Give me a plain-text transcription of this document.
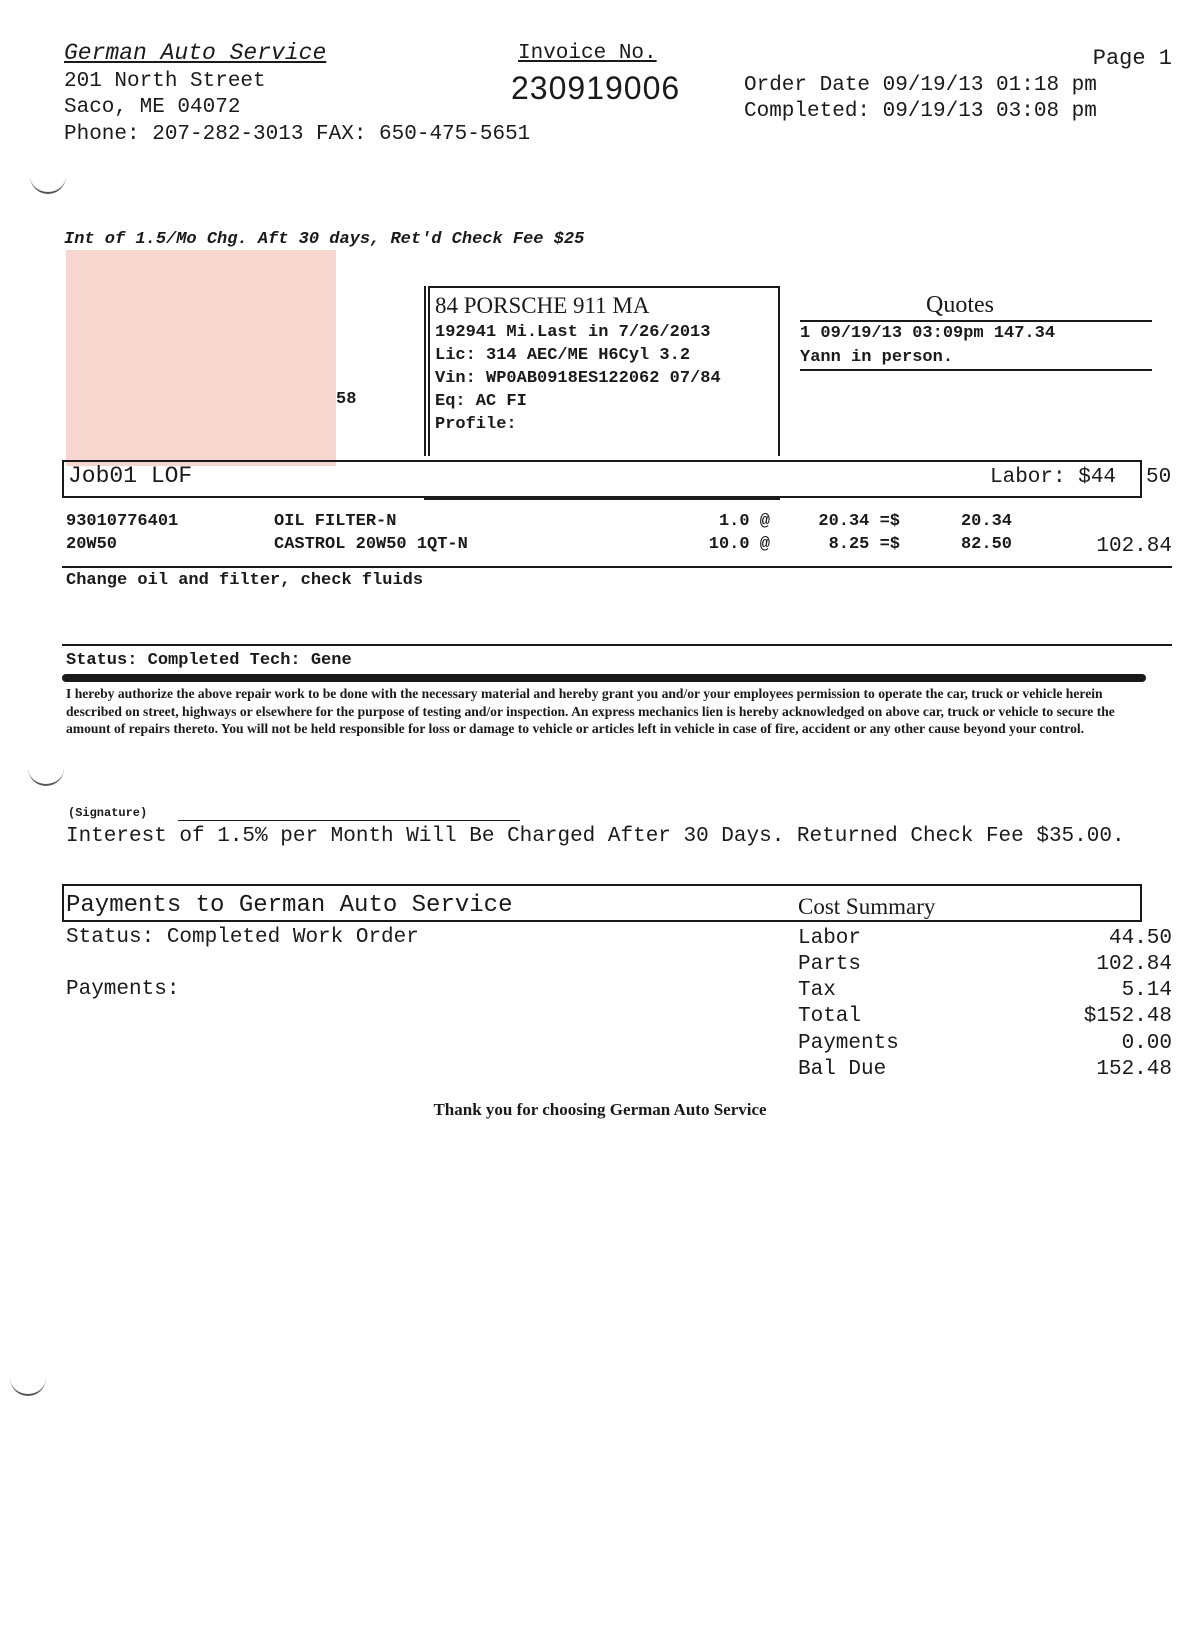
German Auto Service
201 North Street
Saco, ME 04072
Phone: 207-282-3013 FAX: 650-475-5651
Invoice No.
230919006
Page 1
Order Date 09/19/13 01:18 pm
Completed: 09/19/13 03:08 pm
Int of 1.5/Mo Chg. Aft 30 days, Ret'd Check Fee $25
58
84 PORSCHE 911 MA
192941 Mi.Last in 7/26/2013
Lic: 314 AEC/ME H6Cyl 3.2
Vin: WP0AB0918ES122062 07/84
Eq: AC FI
Profile:
Quotes
1 09/19/13 03:09pm 147.34
Yann in person.
Job01 LOF	Labor: $44 50
93010776401	OIL FILTER-N	1.0 @	20.34 =$	20.34
20W50	CASTROL 20W50 1QT-N	10.0 @	8.25 =$	82.50	102.84
Change oil and filter, check fluids
Status: Completed Tech: Gene
I hereby authorize the above repair work to be done with the necessary material and hereby grant you and/or your employees permission to operate the car, truck or vehicle herein described on street, highways or elsewhere for the purpose of testing and/or inspection. An express mechanics lien is hereby acknowledged on above car, truck or vehicle to secure the amount of repairs thereto. You will not be held responsible for loss or damage to vehicle or articles left in vehicle in case of fire, accident or any other cause beyond your control.
(Signature)
Interest of 1.5% per Month Will Be Charged After 30 Days. Returned Check Fee $35.00.
Payments to German Auto Service	Cost Summary
Status: Completed Work Order
Payments:
Labor	44.50
Parts	102.84
Tax	5.14
Total	$152.48
Payments	0.00
Bal Due	152.48
Thank you for choosing German Auto Service
